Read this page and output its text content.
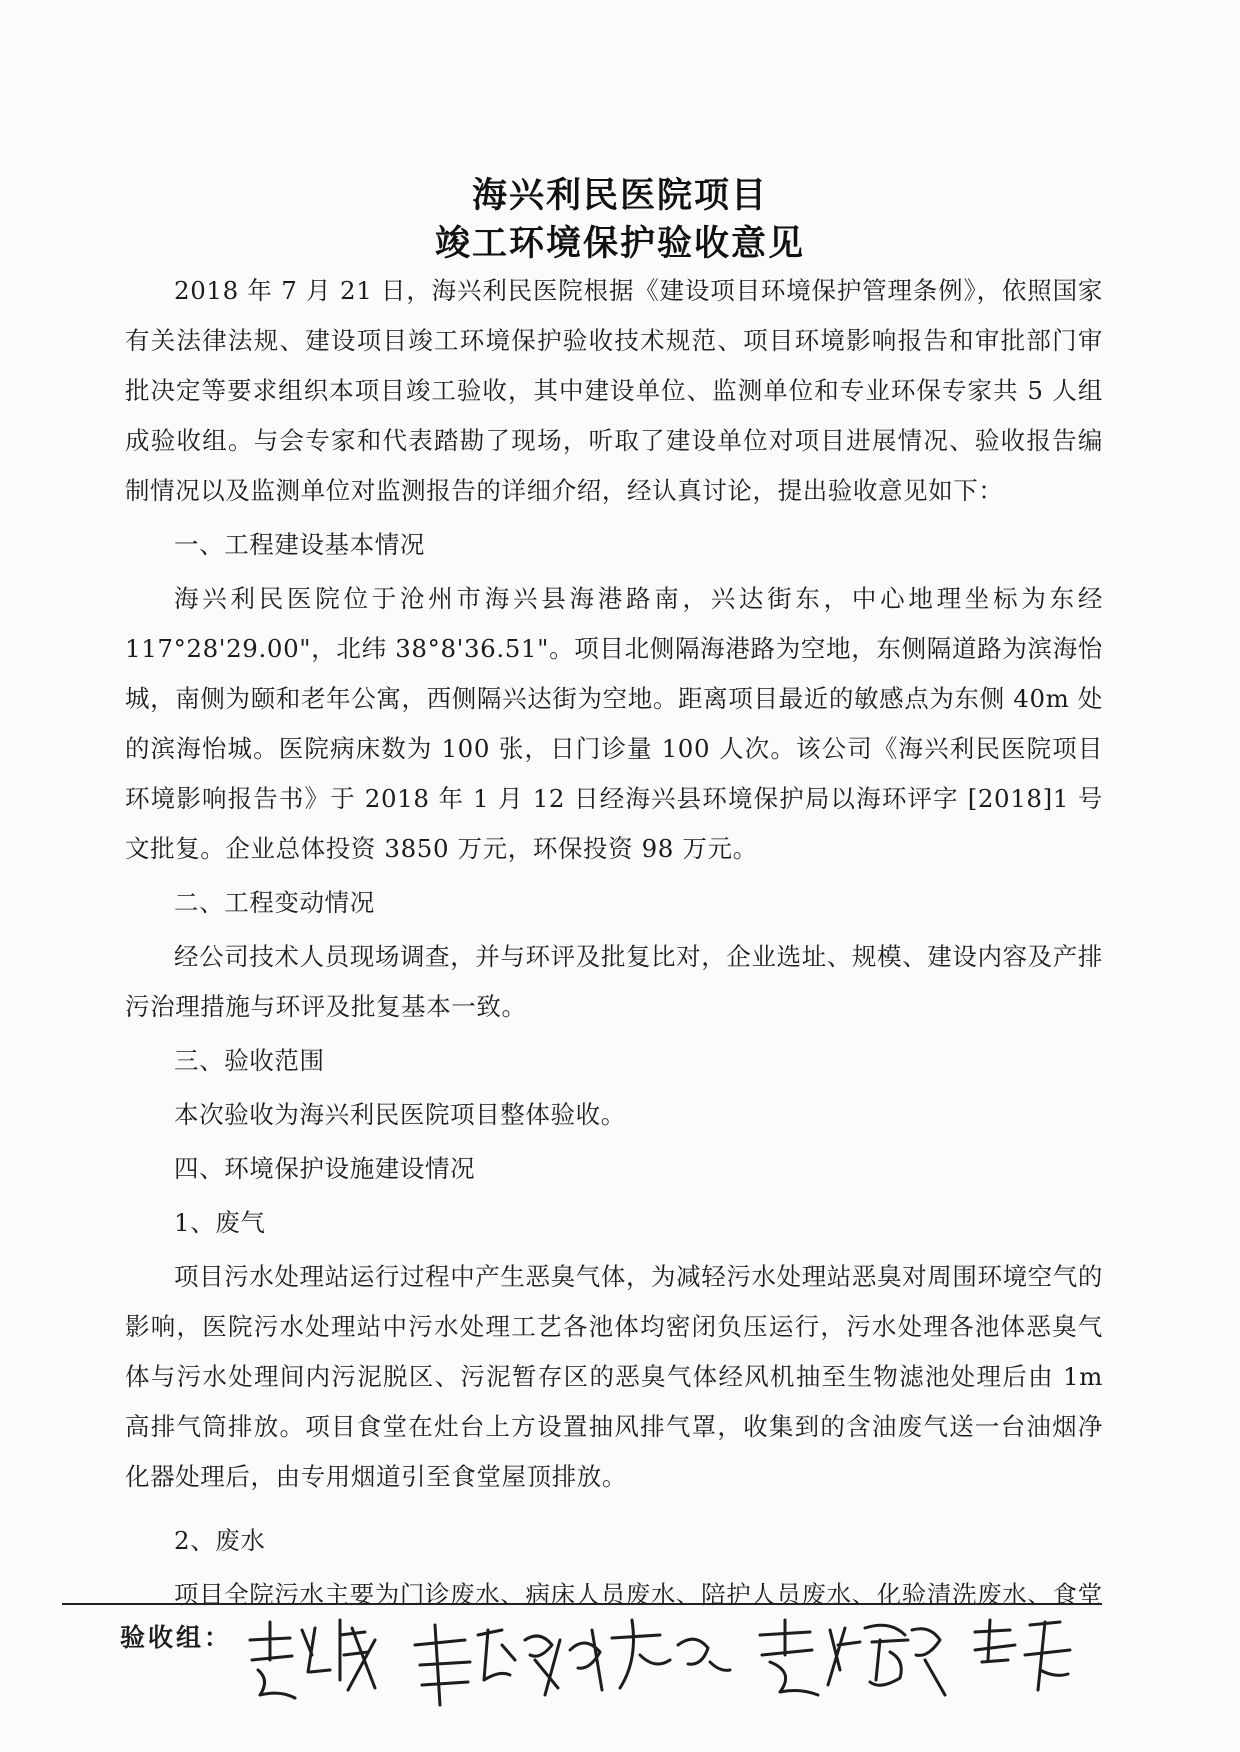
海兴利民医院项目
竣工环境保护验收意见

2018 年 7 月 21 日，海兴利民医院根据《建设项目环境保护管理条例》，依照国家有关法律法规、建设项目竣工环境保护验收技术规范、项目环境影响报告和审批部门审批决定等要求组织本项目竣工验收，其中建设单位、监测单位和专业环保专家共 5 人组成验收组。与会专家和代表踏勘了现场，听取了建设单位对项目进展情况、验收报告编制情况以及监测单位对监测报告的详细介绍，经认真讨论，提出验收意见如下：

一、工程建设基本情况

海兴利民医院位于沧州市海兴县海港路南，兴达街东，中心地理坐标为东经 117°28'29.00"，北纬 38°8'36.51"。项目北侧隔海港路为空地，东侧隔道路为滨海怡城，南侧为颐和老年公寓，西侧隔兴达街为空地。距离项目最近的敏感点为东侧 40m 处的滨海怡城。医院病床数为 100 张，日门诊量 100 人次。该公司《海兴利民医院项目环境影响报告书》于 2018 年 1 月 12 日经海兴县环境保护局以海环评字 [2018]1 号文批复。企业总体投资 3850 万元，环保投资 98 万元。

二、工程变动情况

经公司技术人员现场调查，并与环评及批复比对，企业选址、规模、建设内容及产排污治理措施与环评及批复基本一致。

三、验收范围

本次验收为海兴利民医院项目整体验收。

四、环境保护设施建设情况

1、废气

项目污水处理站运行过程中产生恶臭气体，为减轻污水处理站恶臭对周围环境空气的影响，医院污水处理站中污水处理工艺各池体均密闭负压运行，污水处理各池体恶臭气体与污水处理间内污泥脱区、污泥暂存区的恶臭气体经风机抽至生物滤池处理后由 1m 高排气筒排放。项目食堂在灶台上方设置抽风排气罩，收集到的含油废气送一台油烟净化器处理后，由专用烟道引至食堂屋顶排放。

2、废水

项目全院污水主要为门诊废水、病床人员废水、陪护人员废水、化验清洗废水、食堂

验收组：
